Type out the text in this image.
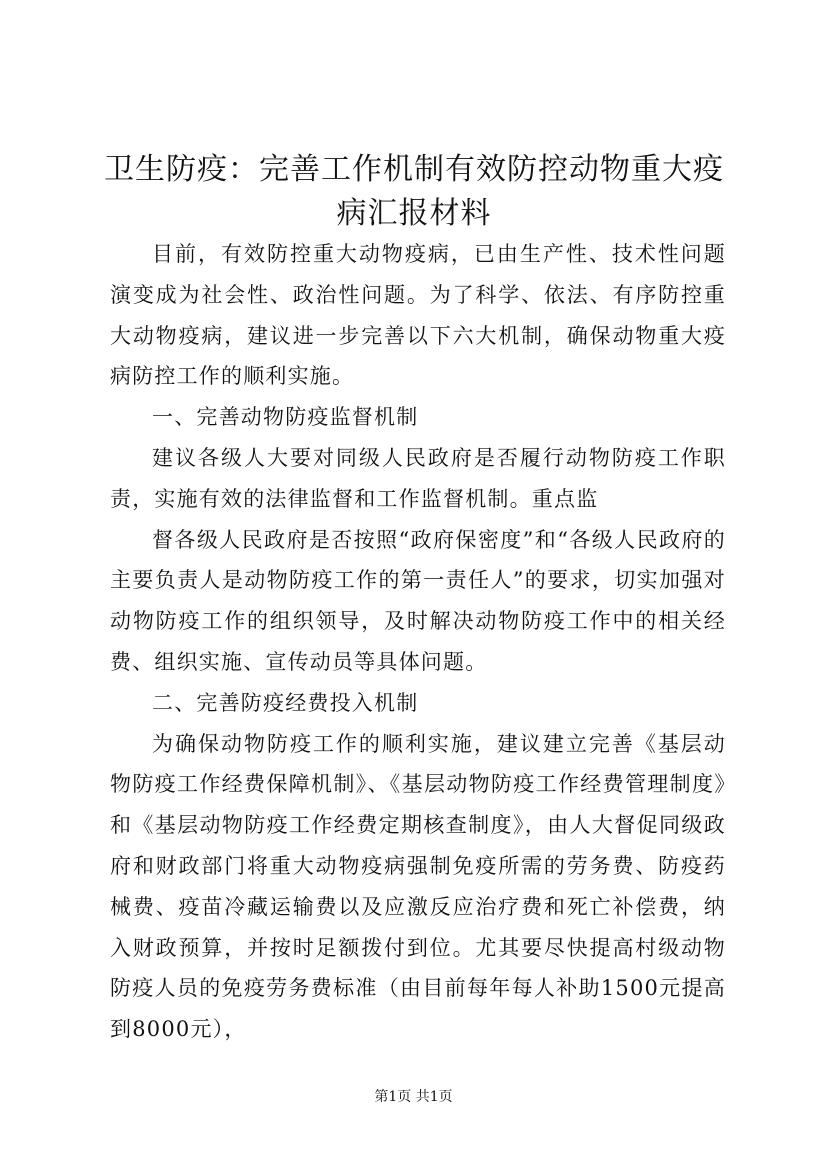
卫生防疫：完善工作机制有效防控动物重大疫病汇报材料

目前，有效防控重大动物疫病，已由生产性、技术性问题演变成为社会性、政治性问题。为了科学、依法、有序防控重大动物疫病，建议进一步完善以下六大机制，确保动物重大疫病防控工作的顺利实施。

一、完善动物防疫监督机制

建议各级人大要对同级人民政府是否履行动物防疫工作职责，实施有效的法律监督和工作监督机制。重点监

督各级人民政府是否按照“政府保密度”和“各级人民政府的主要负责人是动物防疫工作的第一责任人”的要求，切实加强对动物防疫工作的组织领导，及时解决动物防疫工作中的相关经费、组织实施、宣传动员等具体问题。

二、完善防疫经费投入机制

为确保动物防疫工作的顺利实施，建议建立完善《基层动物防疫工作经费保障机制》、《基层动物防疫工作经费管理制度》和《基层动物防疫工作经费定期核查制度》，由人大督促同级政府和财政部门将重大动物疫病强制免疫所需的劳务费、防疫药械费、疫苗冷藏运输费以及应激反应治疗费和死亡补偿费，纳入财政预算，并按时足额拨付到位。尤其要尽快提高村级动物防疫人员的免疫劳务费标准（由目前每年每人补助1500元提高到8000元），

第1页 共1页
